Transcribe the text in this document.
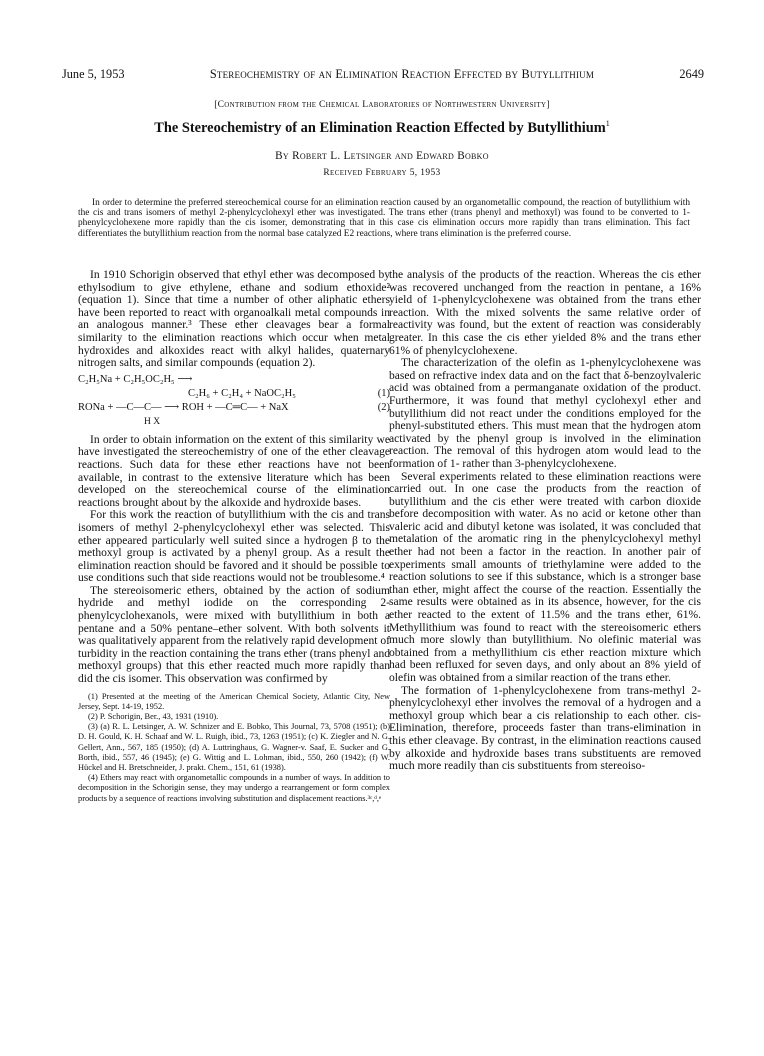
June 5, 1953	Stereochemistry of an Elimination Reaction Effected by Butyllithium	2649
[Contribution from the Chemical Laboratories of Northwestern University]
The Stereochemistry of an Elimination Reaction Effected by Butyllithium$^1$
By Robert L. Letsinger and Edward Bobko
Received February 5, 1953
In order to determine the preferred stereochemical course for an elimination reaction caused by an organometallic compound, the reaction of butyllithium with the cis and trans isomers of methyl 2-phenylcyclohexyl ether was investigated. The trans ether (trans phenyl and methoxyl) was found to be converted to 1-phenylcyclohexene more rapidly than the cis isomer, demonstrating that in this case cis elimination occurs more rapidly than trans elimination. This fact differentiates the butyllithium reaction from the normal base catalyzed E2 reactions, where trans elimination is the preferred course.

In 1910 Schorigin observed that ethyl ether was decomposed by ethylsodium to give ethylene, ethane and sodium ethoxide² (equation 1). Since that time a number of other aliphatic ethers have been reported to react with organoalkali metal compounds in an analogous manner.³ These ether cleavages bear a formal similarity to the elimination reactions which occur when metal hydroxides and alkoxides react with alkyl halides, quaternary nitrogen salts, and similar compounds (equation 2).

C₂H₅Na + C₂H₅OC₂H₅ ⟶
C₂H₆ + C₂H₄ + NaOC₂H₅	(1)
RONa + —C—C— ⟶ ROH + —C═C— + NaX	(2)
H X

In order to obtain information on the extent of this similarity we have investigated the stereochemistry of one of the ether cleavage reactions. Such data for these ether reactions have not been available, in contrast to the extensive literature which has been developed on the stereochemical course of the elimination reactions brought about by the alkoxide and hydroxide bases.

For this work the reaction of butyllithium with the cis and trans isomers of methyl 2-phenylcyclohexyl ether was selected. This ether appeared particularly well suited since a hydrogen β to the methoxyl group is activated by a phenyl group. As a result the elimination reaction should be favored and it should be possible to use conditions such that side reactions would not be troublesome.⁴

The stereoisomeric ethers, obtained by the action of sodium hydride and methyl iodide on the corresponding 2-phenylcyclohexanols, were mixed with butyllithium in both a pentane and a 50% pentane–ether solvent. With both solvents it was qualitatively apparent from the relatively rapid development of turbidity in the reaction containing the trans ether (trans phenyl and methoxyl groups) that this ether reacted much more rapidly than did the cis isomer. This observation was confirmed by

(1) Presented at the meeting of the American Chemical Society, Atlantic City, New Jersey, Sept. 14-19, 1952.
(2) P. Schorigin, Ber., 43, 1931 (1910).
(3) (a) R. L. Letsinger, A. W. Schnizer and E. Bobko, This Journal, 73, 5708 (1951); (b) D. H. Gould, K. H. Schaaf and W. L. Ruigh, ibid., 73, 1263 (1951); (c) K. Ziegler and N. G. Gellert, Ann., 567, 185 (1950); (d) A. Luttringhaus, G. Wagner-v. Saaf, E. Sucker and G. Borth, ibid., 557, 46 (1945); (e) G. Wittig and L. Lohman, ibid., 550, 260 (1942); (f) W. Hückel and H. Bretschneider, J. prakt. Chem., 151, 61 (1938).
(4) Ethers may react with organometallic compounds in a number of ways. In addition to decomposition in the Schorigin sense, they may undergo a rearrangement or form complex products by a sequence of reactions involving substitution and displacement reactions.³ᶜ,ᵈ,ᵉ

the analysis of the products of the reaction. Whereas the cis ether was recovered unchanged from the reaction in pentane, a 16% yield of 1-phenylcyclohexene was obtained from the trans ether reaction. With the mixed solvents the same relative order of reactivity was found, but the extent of reaction was considerably greater. In this case the cis ether yielded 8% and the trans ether 61% of phenylcyclohexene.

The characterization of the olefin as 1-phenylcyclohexene was based on refractive index data and on the fact that δ-benzoylvaleric acid was obtained from a permanganate oxidation of the product. Furthermore, it was found that methyl cyclohexyl ether and butyllithium did not react under the conditions employed for the phenyl-substituted ethers. This must mean that the hydrogen atom activated by the phenyl group is involved in the elimination reaction. The removal of this hydrogen atom would lead to the formation of 1- rather than 3-phenylcyclohexene.

Several experiments related to these elimination reactions were carried out. In one case the products from the reaction of butyllithium and the cis ether were treated with carbon dioxide before decomposition with water. As no acid or ketone other than valeric acid and dibutyl ketone was isolated, it was concluded that metalation of the aromatic ring in the phenylcyclohexyl methyl ether had not been a factor in the reaction. In another pair of experiments small amounts of triethylamine were added to the reaction solutions to see if this substance, which is a stronger base than ether, might affect the course of the reaction. Essentially the same results were obtained as in its absence, however, for the cis ether reacted to the extent of 11.5% and the trans ether, 61%. Methyllithium was found to react with the stereoisomeric ethers much more slowly than butyllithium. No olefinic material was obtained from a methyllithium cis ether reaction mixture which had been refluxed for seven days, and only about an 8% yield of olefin was obtained from a similar reaction of the trans ether.

The formation of 1-phenylcyclohexene from trans-methyl 2-phenylcyclohexyl ether involves the removal of a hydrogen and a methoxyl group which bear a cis relationship to each other. cis-Elimination, therefore, proceeds faster than trans-elimination in this ether cleavage. By contrast, in the elimination reactions caused by alkoxide and hydroxide bases trans substituents are removed much more readily than cis substituents from stereoiso-
